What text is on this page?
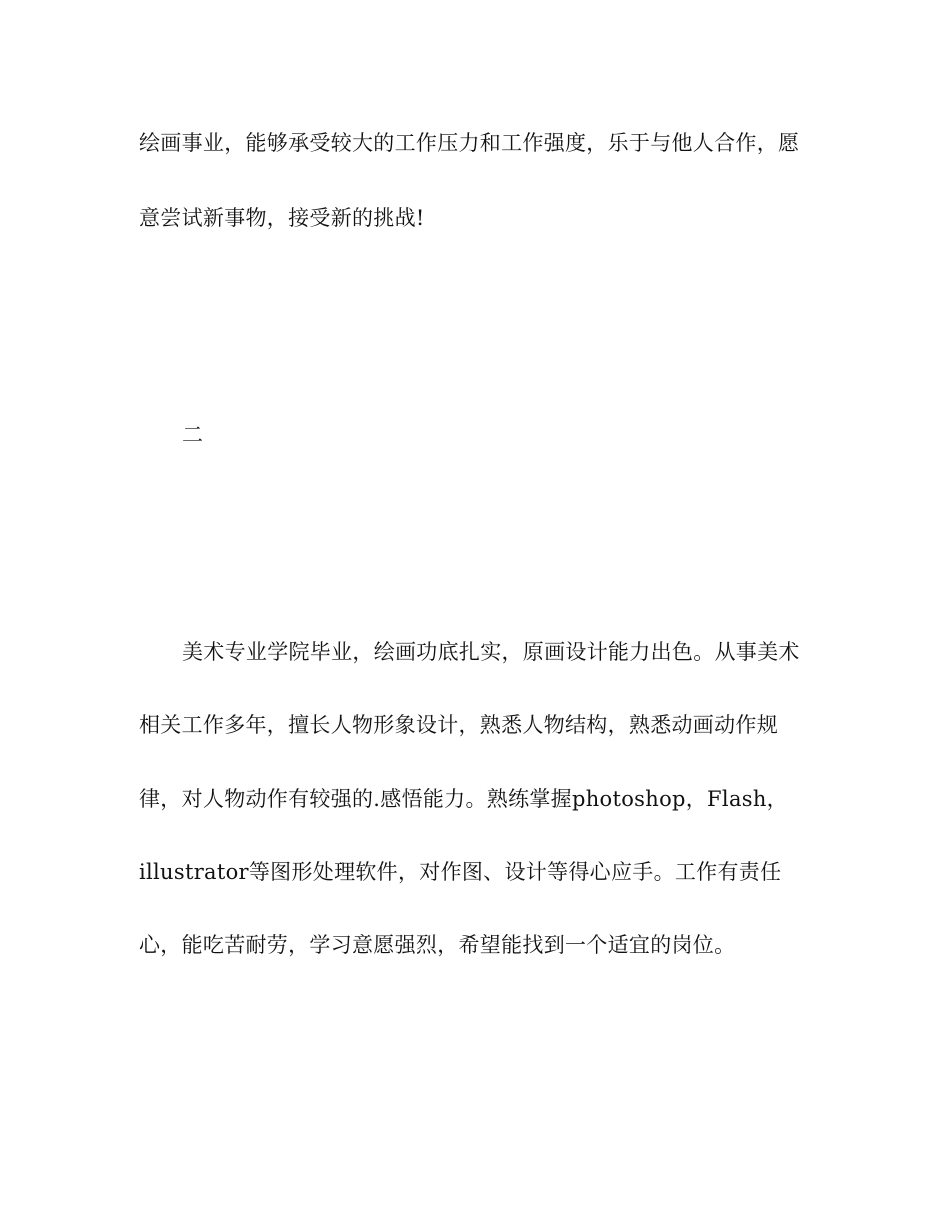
绘画事业，能够承受较大的工作压力和工作强度，乐于与他人合作，愿
意尝试新事物，接受新的挑战!
二
美术专业学院毕业，绘画功底扎实，原画设计能力出色。从事美术
相关工作多年，擅长人物形象设计，熟悉人物结构，熟悉动画动作规
律，对人物动作有较强的.感悟能力。熟练掌握photoshop，Flash，
illustrator等图形处理软件，对作图、设计等得心应手。工作有责任
心，能吃苦耐劳，学习意愿强烈，希望能找到一个适宜的岗位。
